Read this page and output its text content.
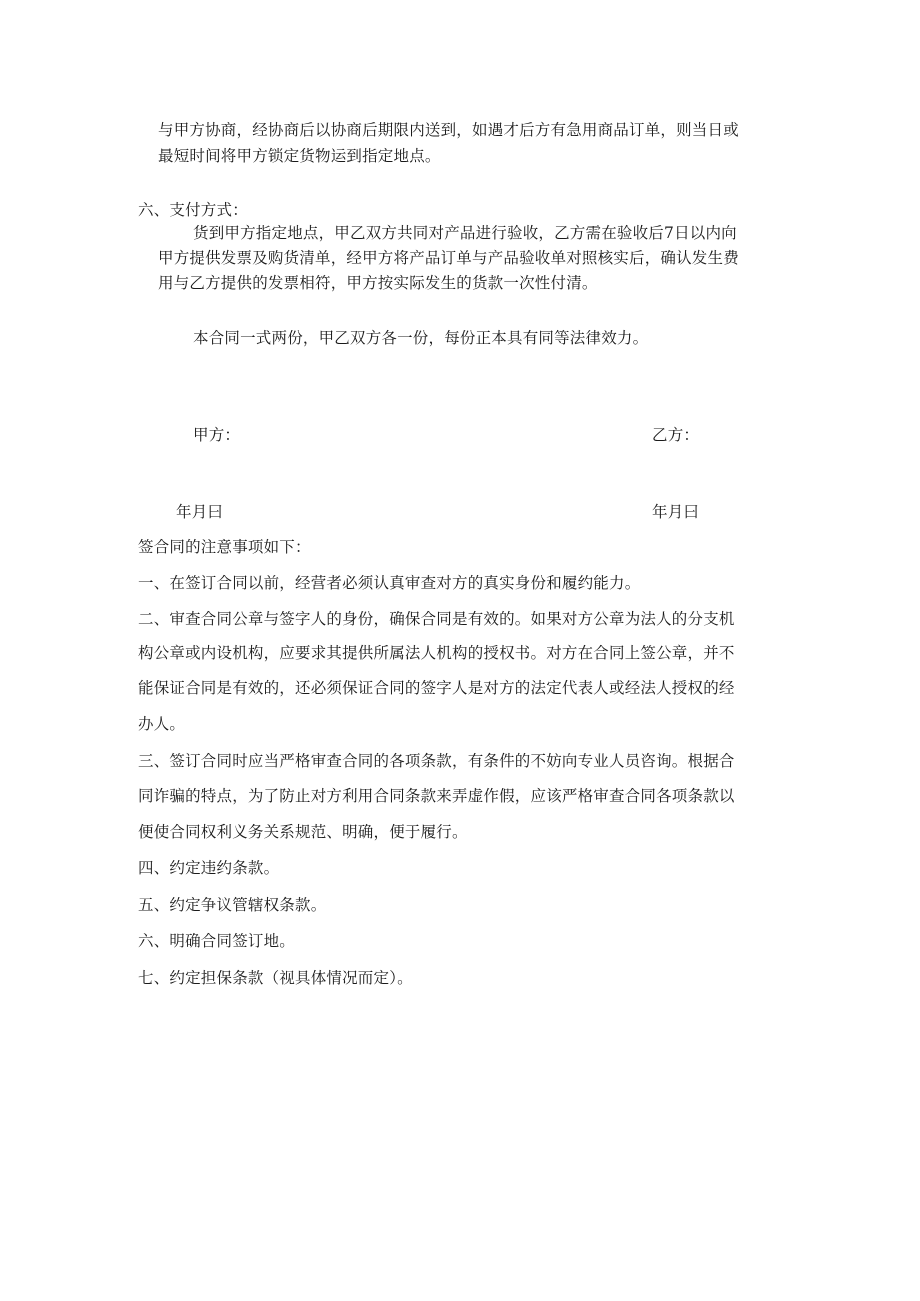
与甲方协商，经协商后以协商后期限内送到，如遇才后方有急用商品订单，则当日或
最短时间将甲方锁定货物运到指定地点。
六、支付方式：
货到甲方指定地点，甲乙双方共同对产品进行验收，乙方需在验收后7日以内向
甲方提供发票及购货清单，经甲方将产品订单与产品验收单对照核实后，确认发生费
用与乙方提供的发票相符，甲方按实际发生的货款一次性付清。
本合同一式两份，甲乙双方各一份，每份正本具有同等法律效力。
甲方：	乙方：
年月曰	年月曰
签合同的注意事项如下：
一、在签订合同以前，经营者必须认真审查对方的真实身份和履约能力。
二、审查合同公章与签字人的身份，确保合同是有效的。如果对方公章为法人的分支机
构公章或内设机构，应要求其提供所属法人机构的授权书。对方在合同上签公章，并不
能保证合同是有效的，还必须保证合同的签字人是对方的法定代表人或经法人授权的经
办人。
三、签订合同时应当严格审查合同的各项条款，有条件的不妨向专业人员咨询。根据合
同诈骗的特点，为了防止对方利用合同条款来弄虚作假，应该严格审查合同各项条款以
便使合同权利义务关系规范、明确，便于履行。
四、约定违约条款。
五、约定争议管辖权条款。
六、明确合同签订地。
七、约定担保条款（视具体情况而定）。
